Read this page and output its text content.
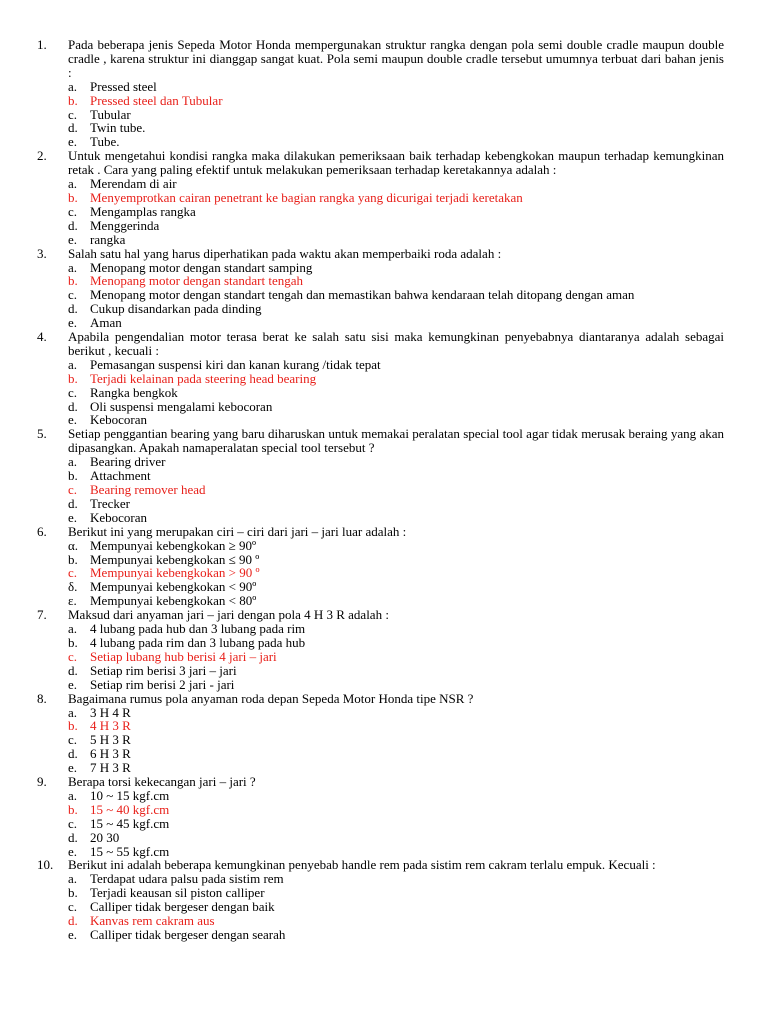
1.	Pada beberapa jenis Sepeda Motor Honda mempergunakan struktur rangka dengan pola semi double cradle maupun double cradle , karena struktur ini dianggap sangat kuat. Pola semi maupun double cradle tersebut umumnya terbuat dari bahan jenis :
a. Pressed steel
b. Pressed steel dan Tubular
c. Tubular
d. Twin tube.
e. Tube.
2.	Untuk mengetahui kondisi rangka maka dilakukan pemeriksaan baik terhadap kebengkokan maupun terhadap kemungkinan retak . Cara yang paling efektif untuk melakukan pemeriksaan terhadap keretakannya adalah :
a. Merendam di air
b. Menyemprotkan cairan penetrant ke bagian rangka yang dicurigai terjadi keretakan
c. Mengamplas rangka
d. Menggerinda
e. rangka
3.	Salah satu hal yang harus diperhatikan pada waktu akan memperbaiki roda adalah :
a. Menopang motor dengan standart samping
b. Menopang motor dengan standart tengah
c. Menopang motor dengan standart tengah dan memastikan bahwa kendaraan telah ditopang dengan aman
d. Cukup disandarkan pada dinding
e. Aman
4.	Apabila pengendalian motor terasa berat ke salah satu sisi maka kemungkinan penyebabnya diantaranya adalah sebagai berikut , kecuali :
a. Pemasangan suspensi kiri dan kanan kurang /tidak tepat
b. Terjadi kelainan pada steering head bearing
c. Rangka bengkok
d. Oli suspensi mengalami kebocoran
e. Kebocoran
5.	Setiap penggantian bearing yang baru diharuskan untuk memakai peralatan special tool agar tidak merusak beraing yang akan dipasangkan. Apakah namaperalatan special tool tersebut ?
a. Bearing driver
b. Attachment
c. Bearing remover head
d. Trecker
e. Kebocoran
6.	Berikut ini yang merupakan ciri – ciri dari jari – jari luar adalah :
α. Mempunyai kebengkokan ≥ 90º
b. Mempunyai kebengkokan ≤ 90 º
c. Mempunyai kebengkokan > 90 º
δ. Mempunyai kebengkokan < 90º
ε.	Mempunyai kebengkokan < 80º
7.	Maksud dari anyaman jari – jari dengan pola 4 H 3 R adalah :
a. 4 lubang pada hub dan 3 lubang pada rim
b. 4 lubang pada rim dan 3 lubang pada hub
c. Setiap lubang hub berisi 4 jari – jari
d. Setiap rim berisi 3 jari – jari
e. Setiap rim berisi 2 jari - jari
8.	Bagaimana rumus pola anyaman roda depan Sepeda Motor Honda tipe NSR ?
a. 3 H 4 R
b. 4 H 3 R
c. 5 H 3 R
d. 6 H 3 R
e. 7 H 3 R
9.	Berapa torsi kekecangan jari – jari ?
a. 10 ~ 15 kgf.cm
b. 15 ~ 40 kgf.cm
c. 15 ~ 45 kgf.cm
d. 20 30
e. 15 ~ 55 kgf.cm
10.	Berikut ini adalah beberapa kemungkinan penyebab handle rem pada sistim rem cakram terlalu empuk. Kecuali :
a. Terdapat udara palsu pada sistim rem
b. Terjadi keausan sil piston calliper
c. Calliper tidak bergeser dengan baik
d. Kanvas rem cakram aus
e. Calliper tidak bergeser dengan searah
